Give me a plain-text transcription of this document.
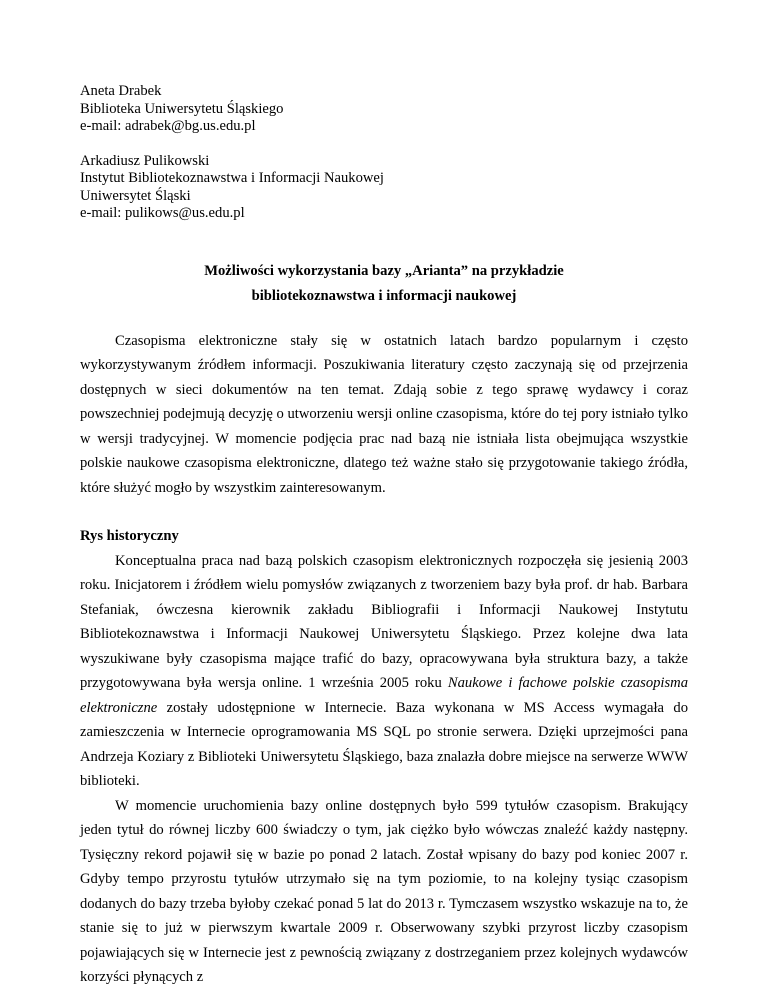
Aneta Drabek
Biblioteka Uniwersytetu Śląskiego
e-mail: adrabek@bg.us.edu.pl
Arkadiusz Pulikowski
Instytut Bibliotekoznawstwa i Informacji Naukowej
Uniwersytet Śląski
e-mail: pulikows@us.edu.pl
Możliwości wykorzystania bazy „Arianta” na przykładzie
bibliotekoznawstwa i informacji naukowej

Czasopisma elektroniczne stały się w ostatnich latach bardzo popularnym i często wykorzystywanym źródłem informacji. Poszukiwania literatury często zaczynają się od przejrzenia dostępnych w sieci dokumentów na ten temat. Zdają sobie z tego sprawę wydawcy i coraz powszechniej podejmują decyzję o utworzeniu wersji online czasopisma, które do tej pory istniało tylko w wersji tradycyjnej. W momencie podjęcia prac nad bazą nie istniała lista obejmująca wszystkie polskie naukowe czasopisma elektroniczne, dlatego też ważne stało się przygotowanie takiego źródła, które służyć mogło by wszystkim zainteresowanym.

Rys historyczny

Konceptualna praca nad bazą polskich czasopism elektronicznych rozpoczęła się jesienią 2003 roku. Inicjatorem i źródłem wielu pomysłów związanych z tworzeniem bazy była prof. dr hab. Barbara Stefaniak, ówczesna kierownik zakładu Bibliografii i Informacji Naukowej Instytutu Bibliotekoznawstwa i Informacji Naukowej Uniwersytetu Śląskiego. Przez kolejne dwa lata wyszukiwane były czasopisma mające trafić do bazy, opracowywana była struktura bazy, a także przygotowywana była wersja online. 1 września 2005 roku Naukowe i fachowe polskie czasopisma elektroniczne zostały udostępnione w Internecie. Baza wykonana w MS Access wymagała do zamieszczenia w Internecie oprogramowania MS SQL po stronie serwera. Dzięki uprzejmości pana Andrzeja Koziary z Biblioteki Uniwersytetu Śląskiego, baza znalazła dobre miejsce na serwerze WWW biblioteki.

W momencie uruchomienia bazy online dostępnych było 599 tytułów czasopism. Brakujący jeden tytuł do równej liczby 600 świadczy o tym, jak ciężko było wówczas znaleźć każdy następny. Tysięczny rekord pojawił się w bazie po ponad 2 latach. Został wpisany do bazy pod koniec 2007 r. Gdyby tempo przyrostu tytułów utrzymało się na tym poziomie, to na kolejny tysiąc czasopism dodanych do bazy trzeba byłoby czekać ponad 5 lat do 2013 r. Tymczasem wszystko wskazuje na to, że stanie się to już w pierwszym kwartale 2009 r. Obserwowany szybki przyrost liczby czasopism pojawiających się w Internecie jest z pewnością związany z dostrzeganiem przez kolejnych wydawców korzyści płynących z
